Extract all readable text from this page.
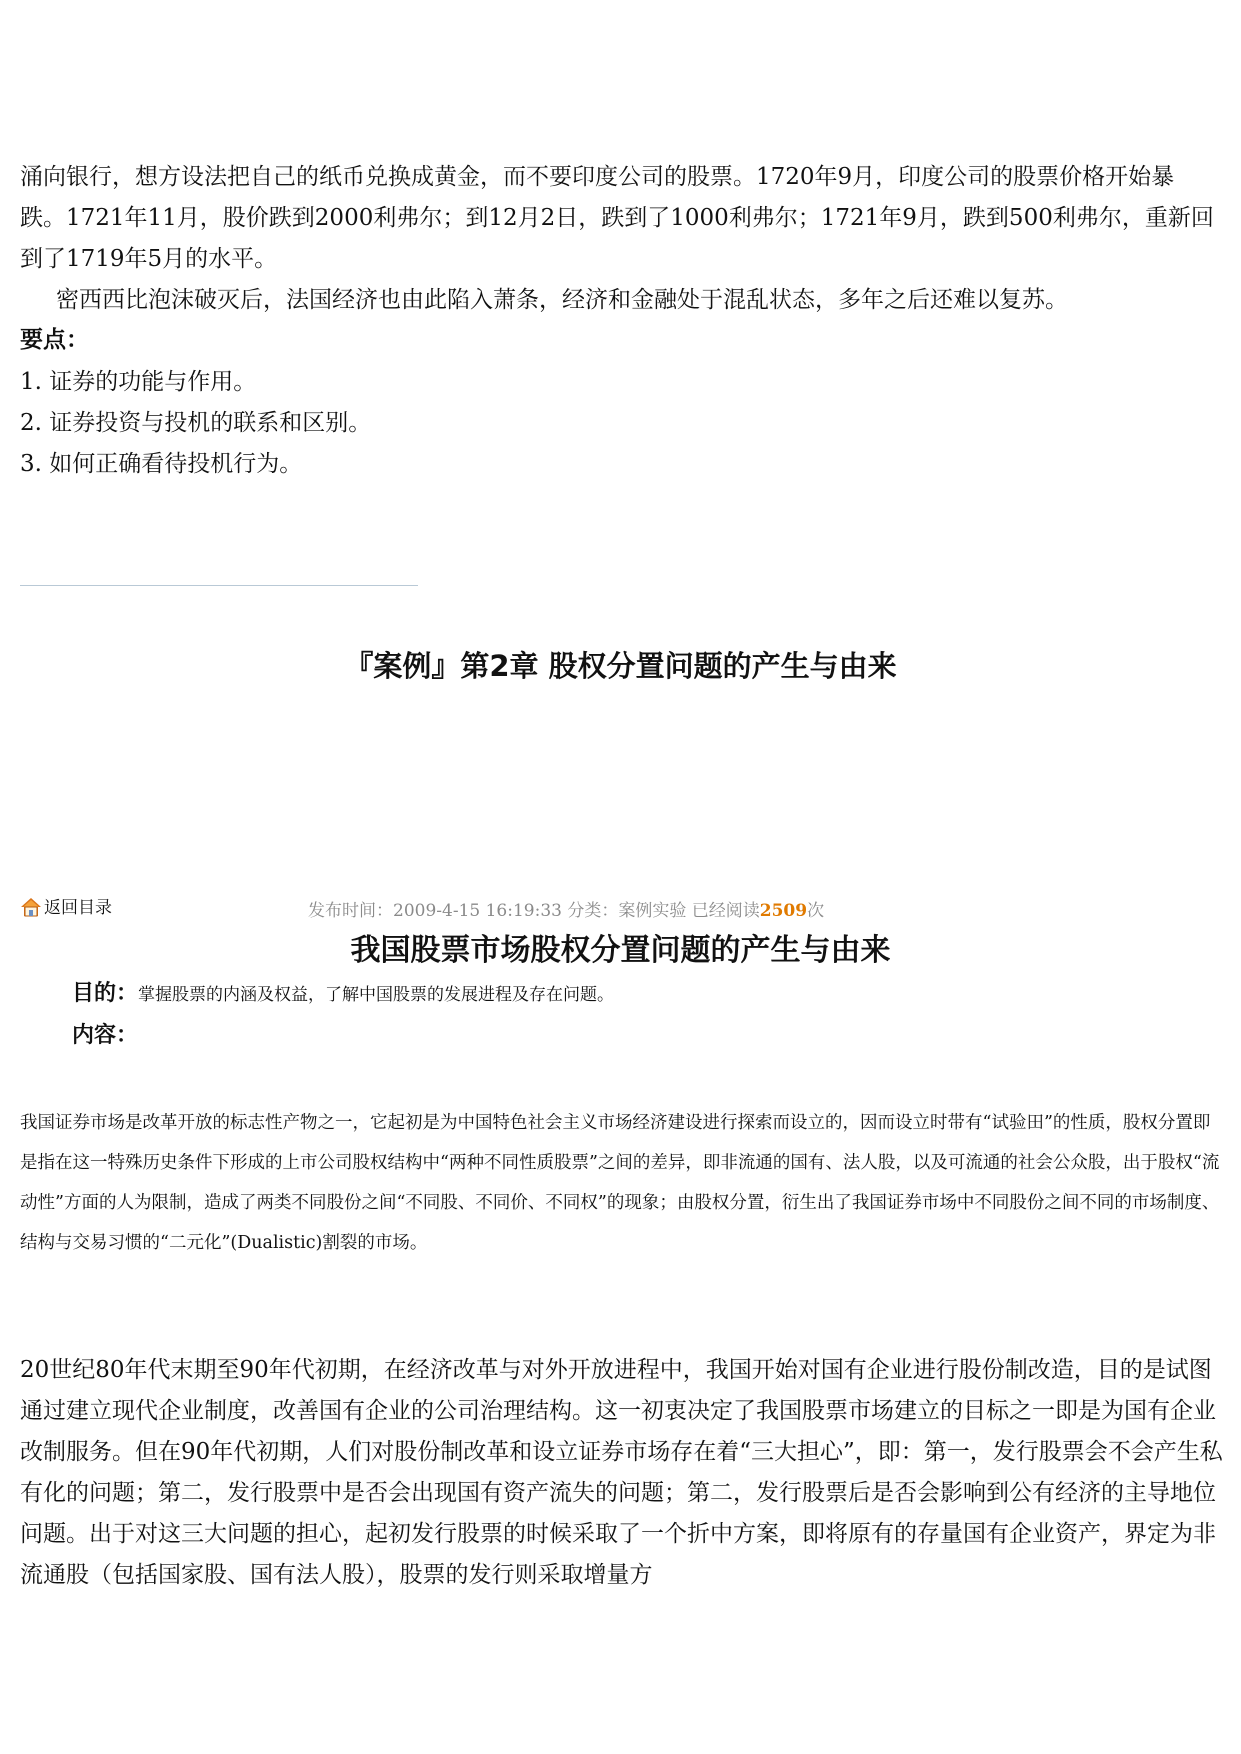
涌向银行，想方设法把自己的纸币兑换成黄金，而不要印度公司的股票。1720年9月，印度公司的股票价格开始暴跌。1721年11月，股价跌到2000利弗尔；到12月2日，跌到了1000利弗尔；1721年9月，跌到500利弗尔，重新回到了1719年5月的水平。

密西西比泡沫破灭后，法国经济也由此陷入萧条，经济和金融处于混乱状态，多年之后还难以复苏。

要点：

1. 证券的功能与作用。

2. 证券投资与投机的联系和区别。

3. 如何正确看待投机行为。

『案例』第2章 股权分置问题的产生与由来
返回目录	发布时间：2009-4-15 16:19:33 分类：案例实验 已经阅读2509次
我国股票市场股权分置问题的产生与由来
目的：掌握股票的内涵及权益，了解中国股票的发展进程及存在问题。
内容：

我国证券市场是改革开放的标志性产物之一，它起初是为中国特色社会主义市场经济建设进行探索而设立的，因而设立时带有“试验田”的性质，股权分置即是指在这一特殊历史条件下形成的上市公司股权结构中“两种不同性质股票”之间的差异，即非流通的国有、法人股，以及可流通的社会公众股，出于股权“流动性”方面的人为限制，造成了两类不同股份之间“不同股、不同价、不同权”的现象；由股权分置，衍生出了我国证券市场中不同股份之间不同的市场制度、结构与交易习惯的“二元化”(Dualistic)割裂的市场。

20世纪80年代末期至90年代初期，在经济改革与对外开放进程中，我国开始对国有企业进行股份制改造，目的是试图通过建立现代企业制度，改善国有企业的公司治理结构。这一初衷决定了我国股票市场建立的目标之一即是为国有企业改制服务。但在90年代初期，人们对股份制改革和设立证券市场存在着“三大担心”，即：第一，发行股票会不会产生私有化的问题；第二，发行股票中是否会出现国有资产流失的问题；第二，发行股票后是否会影响到公有经济的主导地位问题。出于对这三大问题的担心，起初发行股票的时候采取了一个折中方案，即将原有的存量国有企业资产，界定为非流通股（包括国家股、国有法人股），股票的发行则采取增量方
